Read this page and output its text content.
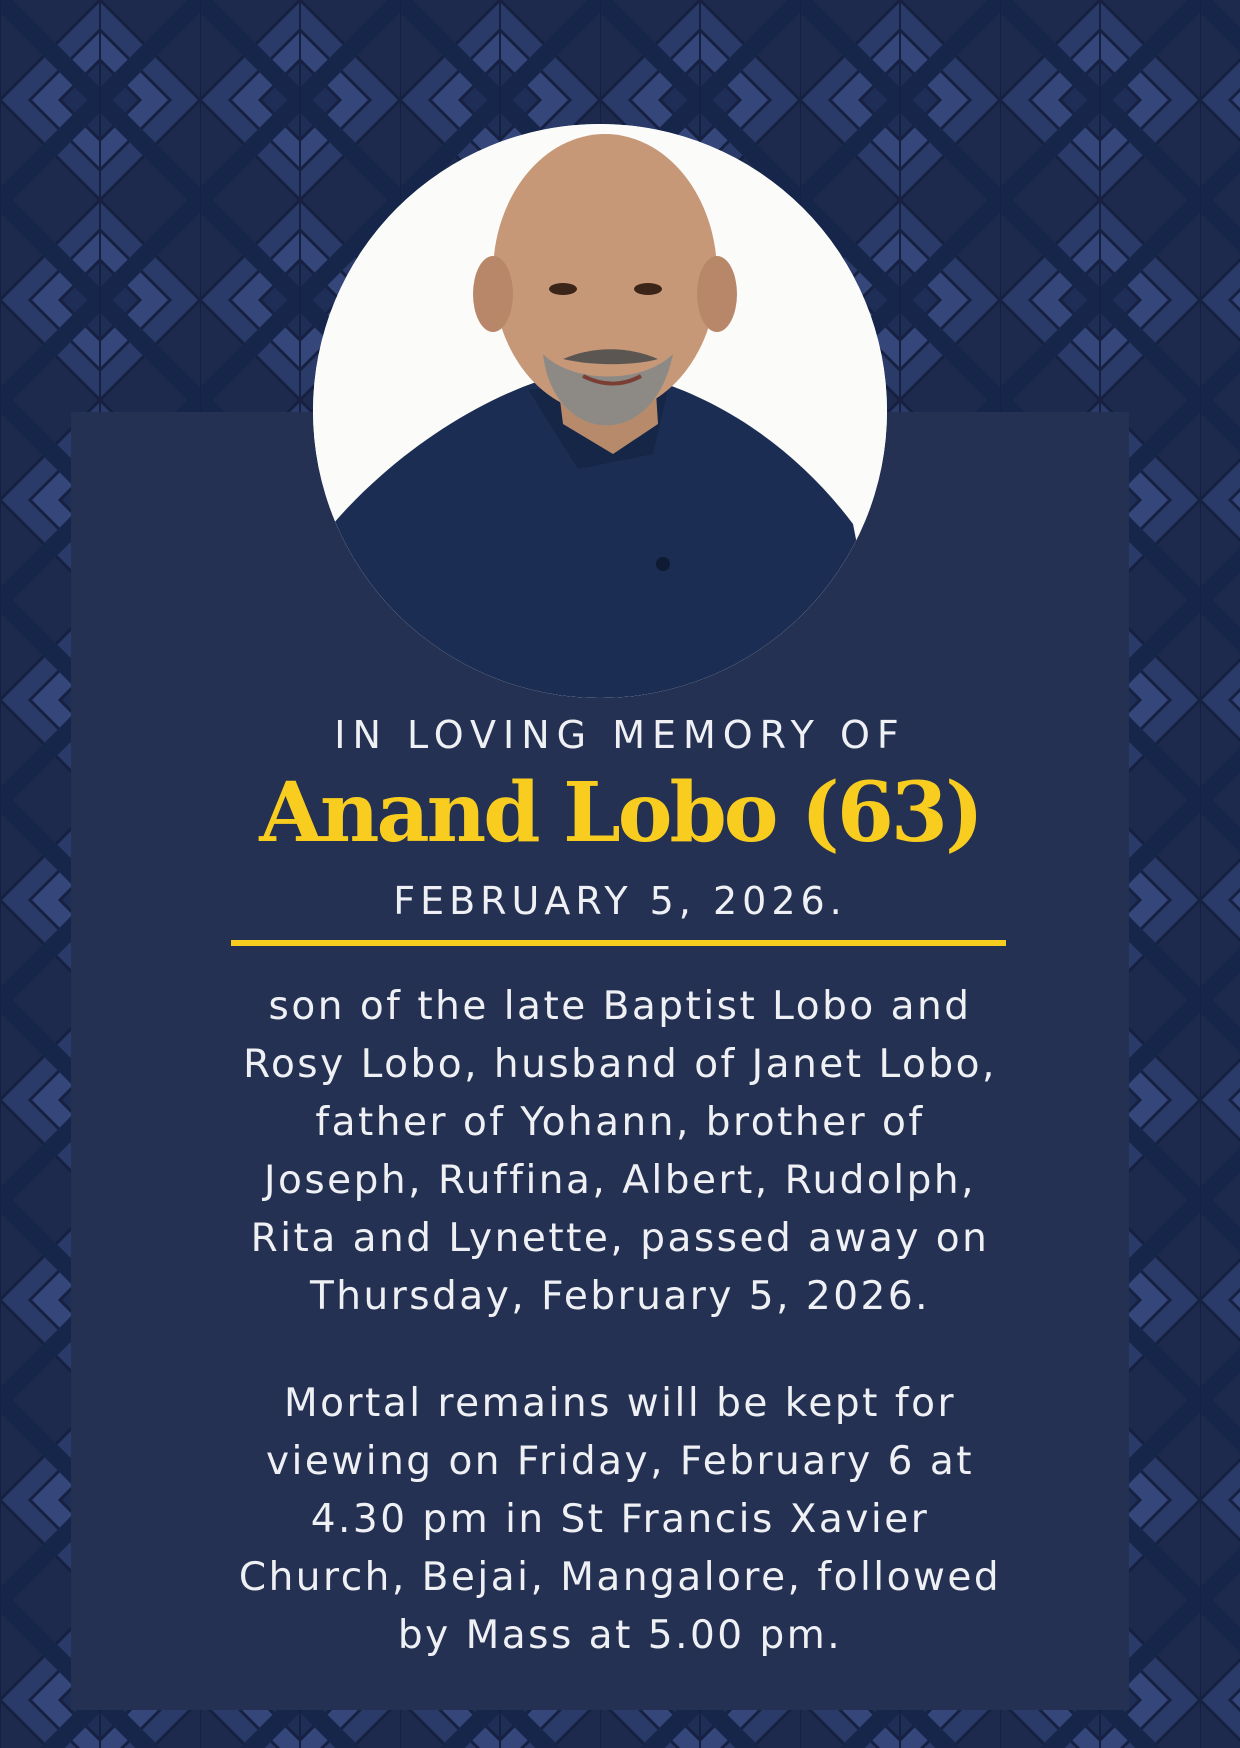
IN LOVING MEMORY OF
Anand Lobo (63)
FEBRUARY 5, 2026.
son of the late Baptist Lobo and
Rosy Lobo, husband of Janet Lobo,
father of Yohann, brother of
Joseph, Ruffina, Albert, Rudolph,
Rita and Lynette, passed away on
Thursday, February 5, 2026.
Mortal remains will be kept for
viewing on Friday, February 6 at
4.30 pm in St Francis Xavier
Church, Bejai, Mangalore, followed
by Mass at 5.00 pm.
